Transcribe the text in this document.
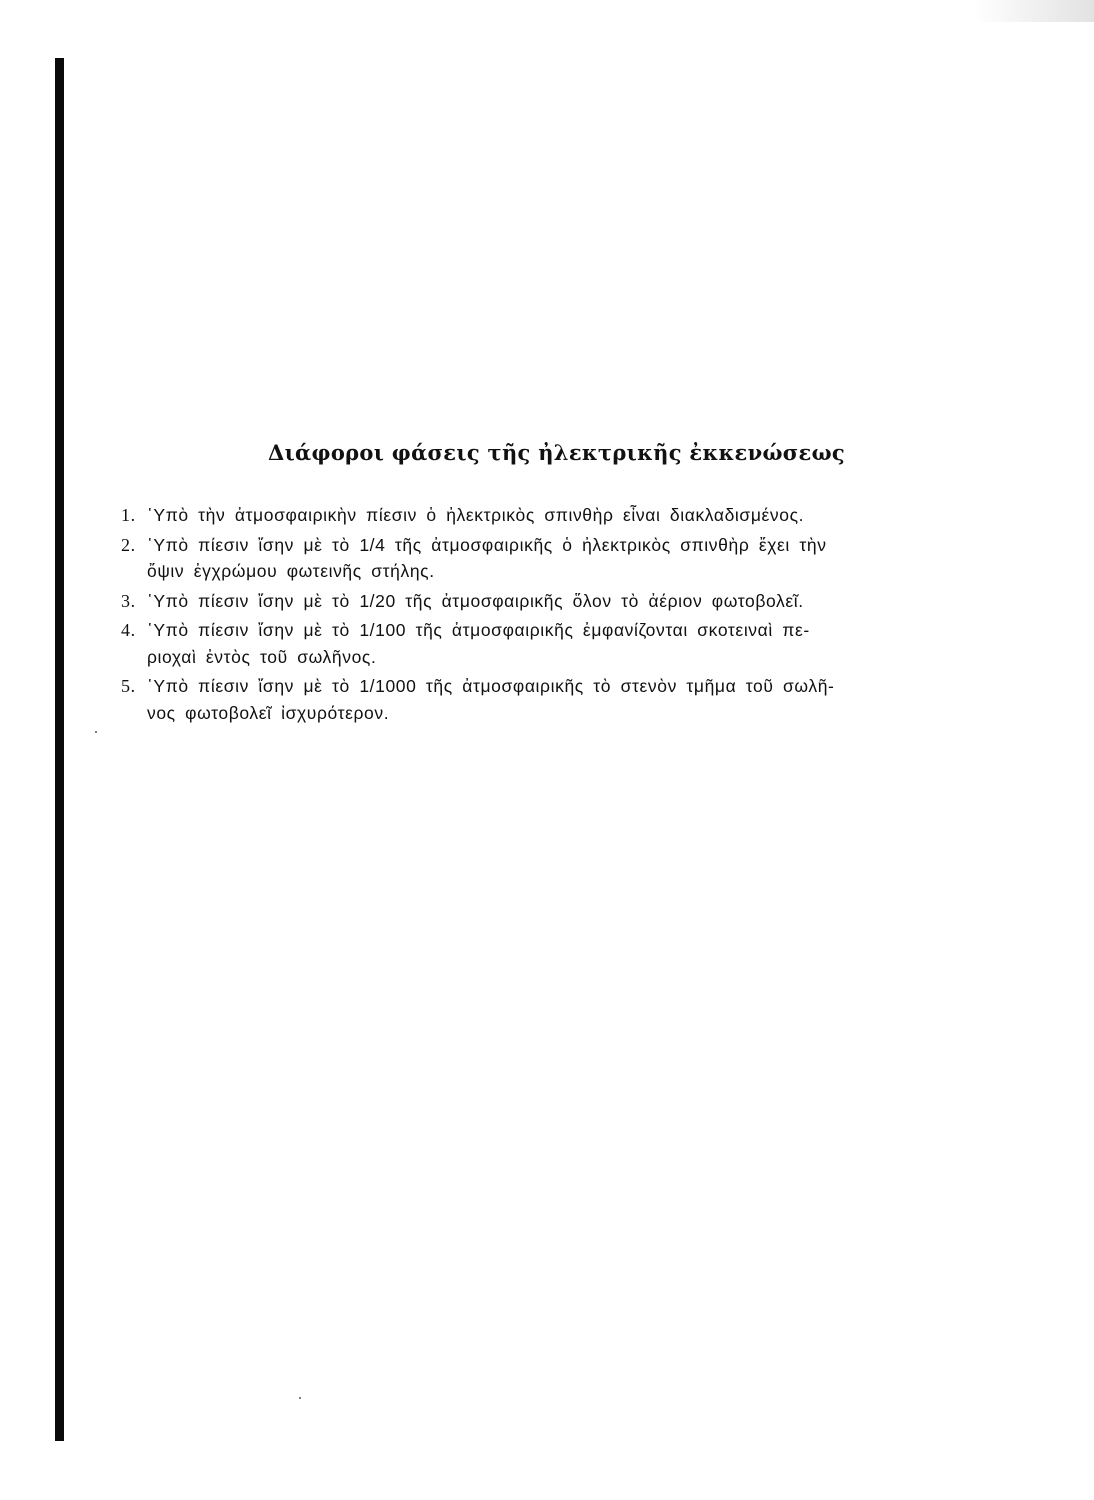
Διάφοροι φάσεις τῆς ἠλεκτρικῆς ἐκκενώσεως
1. ῾Υπὸ τὴν ἀτμοσφαιρικὴν πίεσιν ὁ ἠλεκτρικὸς σπινθὴρ εἶναι διακλαδισμένος.
2. ῾Υπὸ πίεσιν ἴσην μὲ τὸ 1/4 τῆς ἀτμοσφαιρικῆς ὁ ἠλεκτρικὸς σπινθὴρ ἔχει τὴν
ὄψιν ἐγχρώμου φωτεινῆς στήλης.
3. ῾Υπὸ πίεσιν ἴσην μὲ τὸ 1/20 τῆς ἀτμοσφαιρικῆς ὅλον τὸ ἀέριον φωτοβολεῖ.
4. ῾Υπὸ πίεσιν ἴσην μὲ τὸ 1/100 τῆς ἀτμοσφαιρικῆς ἐμφανίζονται σκοτειναὶ πε-
ριοχαὶ ἐντὸς τοῦ σωλῆνος.
5. ῾Υπὸ πίεσιν ἴσην μὲ τὸ 1/1000 τῆς ἀτμοσφαιρικῆς τὸ στενὸν τμῆμα τοῦ σωλῆ-
νος φωτοβολεῖ ἰσχυρότερον.
